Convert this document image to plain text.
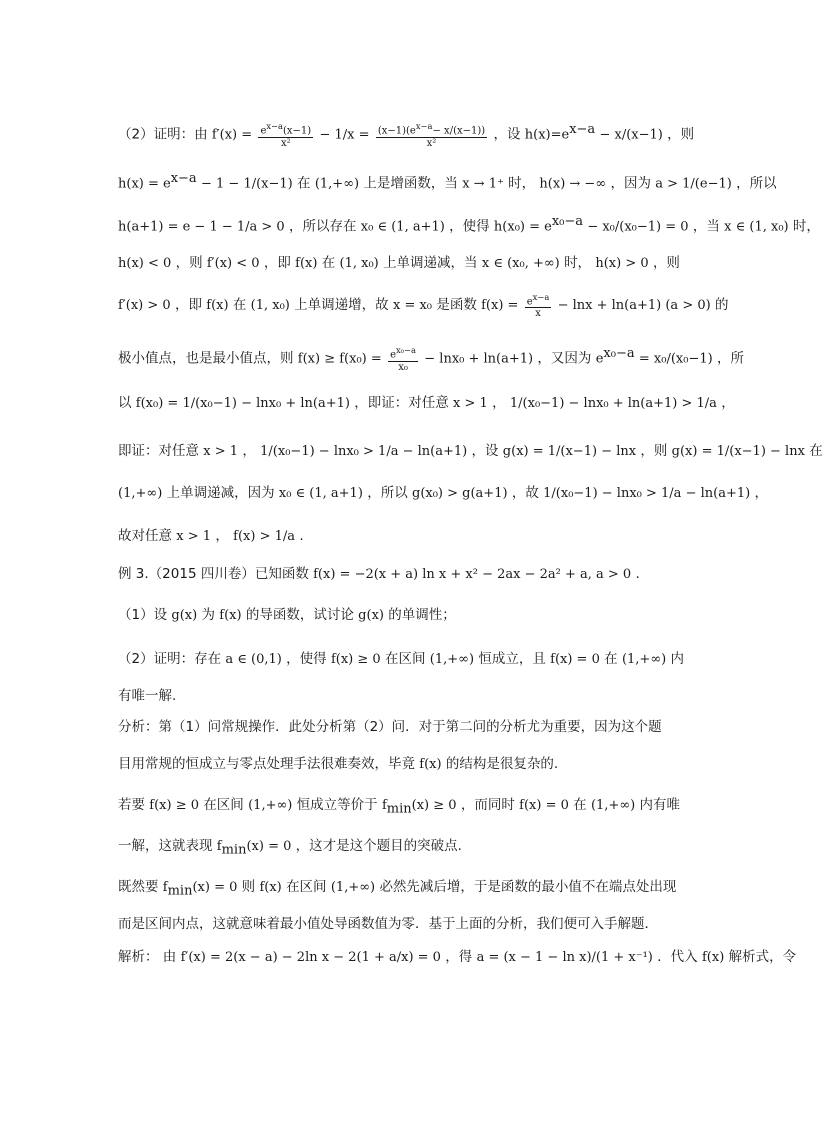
（2）证明：由 $f'(x) = \frac{e^{x-a}(x-1)}{\text{x²}} - 1/x = \frac{(x-1)(e^{x-a}- x/(x-1))}{\text{x²}}$ ，设 $h(x)=e^{x-a} - x/(x-1)$ ，则
$h(x) = e^{x-a} - 1 - 1/(x-1)$ 在 (1,+∞) 上是增函数，当 x → 1⁺ 时， h(x) → −∞ ，因为 a > 1/(e−1) ，所以
h(a+1) = e − 1 − 1/a > 0 ，所以存在 x₀ ∈ (1, a+1) ，使得 $h(x_0) = e^{x_0-a} - x_0/(x_0-1) = 0$ ，当 x ∈ (1, x₀) 时，
h(x) < 0 ，则 f′(x) < 0 ，即 f(x) 在 (1, x₀) 上单调递减，当 x ∈ (x₀, +∞) 时， h(x) > 0 ，则
f′(x) > 0 ，即 f(x) 在 (1, x₀) 上单调递增，故 x = x₀ 是函数 $f(x) = \frac{e^{x-a}}{x} - \ln x + \ln(a+1) (a > 0)$ 的
极小值点，也是最小值点，则 $f(x) \ge f(x_0) = \frac{e^{x_0-a}}{\text{x₀}} - \ln x_0 + \ln(a+1)$ ，又因为 $e^{x_0-a} = x_0/(x_0-1)$ ，所
以 f(x₀) = 1/(x₀−1) − lnx₀ + ln(a+1) ，即证：对任意 x > 1 ， 1/(x₀−1) − lnx₀ + ln(a+1) > 1/a ，
即证：对任意 x > 1 ， 1/(x₀−1) − lnx₀ > 1/a − ln(a+1) ，设 g(x) = 1/(x−1) − lnx ，则 g(x) = 1/(x−1) − lnx 在
(1,+∞) 上单调递减，因为 x₀ ∈ (1, a+1) ，所以 g(x₀) > g(a+1) ，故 1/(x₀−1) − lnx₀ > 1/a − ln(a+1) ，
故对任意 x > 1 ， f(x) > 1/a .
例 3.（2015 四川卷）已知函数 f(x) = −2(x + a) ln x + x² − 2ax − 2a² + a, a > 0 .
（1）设 g(x) 为 f(x) 的导函数，试讨论 g(x) 的单调性；
（2）证明：存在 a ∈ (0,1) ，使得 f(x) ≥ 0 在区间 (1,+∞) 恒成立，且 f(x) = 0 在 (1,+∞) 内
有唯一解.
分析：第（1）问常规操作．此处分析第（2）问．对于第二问的分析尤为重要，因为这个题
目用常规的恒成立与零点处理手法很难奏效，毕竟 f(x) 的结构是很复杂的.
若要 f(x) ≥ 0 在区间 (1,+∞) 恒成立等价于 $f_{min}(x) \ge 0$ ，而同时 f(x) = 0 在 (1,+∞) 内有唯
一解，这就表现 $f_{min}(x) = 0$ ，这才是这个题目的突破点.
既然要 $f_{min}(x) = 0$ 则 f(x) 在区间 (1,+∞) 必然先减后增，于是函数的最小值不在端点处出现
而是区间内点，这就意味着最小值处导函数值为零．基于上面的分析，我们便可入手解题．
解析： 由 f′(x) = 2(x − a) − 2ln x − 2(1 + a/x) = 0 ，得 a = (x − 1 − ln x)/(1 + x⁻¹) ．代入 f(x) 解析式，令
